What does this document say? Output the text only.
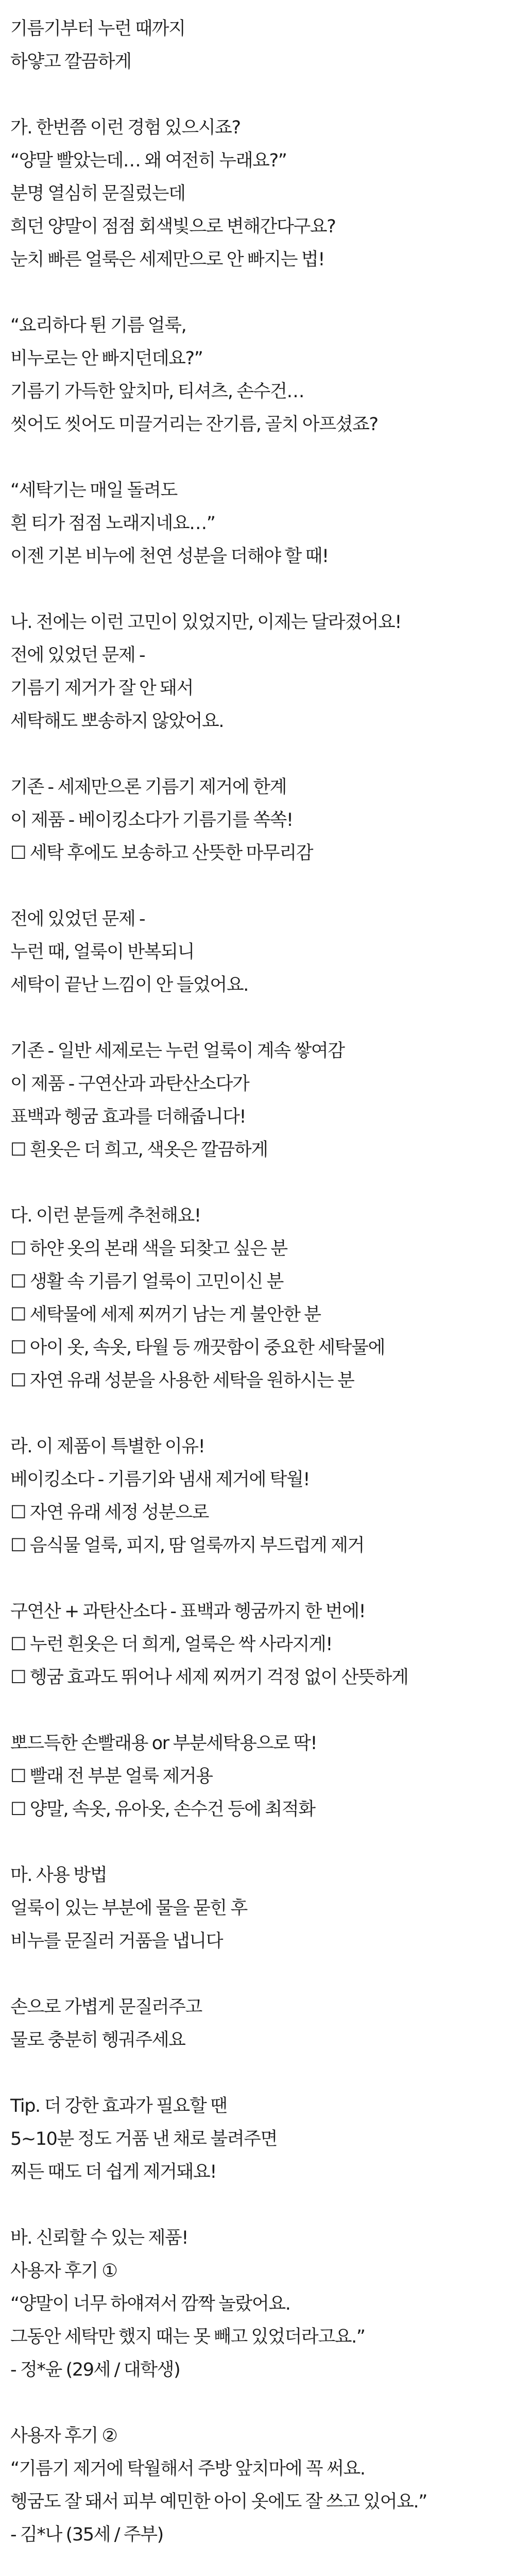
기름기부터 누런 때까지
하얗고 깔끔하게
가. 한번쯤 이런 경험 있으시죠?
“양말 빨았는데… 왜 여전히 누래요?”
분명 열심히 문질렀는데
희던 양말이 점점 회색빛으로 변해간다구요?
눈치 빠른 얼룩은 세제만으로 안 빠지는 법!
“요리하다 튄 기름 얼룩,
비누로는 안 빠지던데요?”
기름기 가득한 앞치마, 티셔츠, 손수건…
씻어도 씻어도 미끌거리는 잔기름, 골치 아프셨죠?
“세탁기는 매일 돌려도
흰 티가 점점 노래지네요…”
이젠 기본 비누에 천연 성분을 더해야 할 때!
나. 전에는 이런 고민이 있었지만, 이제는 달라졌어요!
전에 있었던 문제 -
기름기 제거가 잘 안 돼서
세탁해도 뽀송하지 않았어요.
기존 - 세제만으론 기름기 제거에 한계
이 제품 - 베이킹소다가 기름기를 쏙쏙!
☐ 세탁 후에도 보송하고 산뜻한 마무리감
전에 있었던 문제 -
누런 때, 얼룩이 반복되니
세탁이 끝난 느낌이 안 들었어요.
기존 - 일반 세제로는 누런 얼룩이 계속 쌓여감
이 제품 - 구연산과 과탄산소다가
표백과 헹굼 효과를 더해줍니다!
☐ 흰옷은 더 희고, 색옷은 깔끔하게
다. 이런 분들께 추천해요!
☐ 하얀 옷의 본래 색을 되찾고 싶은 분
☐ 생활 속 기름기 얼룩이 고민이신 분
☐ 세탁물에 세제 찌꺼기 남는 게 불안한 분
☐ 아이 옷, 속옷, 타월 등 깨끗함이 중요한 세탁물에
☐ 자연 유래 성분을 사용한 세탁을 원하시는 분
라. 이 제품이 특별한 이유!
베이킹소다 - 기름기와 냄새 제거에 탁월!
☐ 자연 유래 세정 성분으로
☐ 음식물 얼룩, 피지, 땀 얼룩까지 부드럽게 제거
구연산 + 과탄산소다 - 표백과 헹굼까지 한 번에!
☐ 누런 흰옷은 더 희게, 얼룩은 싹 사라지게!
☐ 헹굼 효과도 뛰어나 세제 찌꺼기 걱정 없이 산뜻하게
뽀드득한 손빨래용 or 부분세탁용으로 딱!
☐ 빨래 전 부분 얼룩 제거용
☐ 양말, 속옷, 유아옷, 손수건 등에 최적화
마. 사용 방법
얼룩이 있는 부분에 물을 묻힌 후
비누를 문질러 거품을 냅니다
손으로 가볍게 문질러주고
물로 충분히 헹궈주세요
Tip. 더 강한 효과가 필요할 땐
5~10분 정도 거품 낸 채로 불려주면
찌든 때도 더 쉽게 제거돼요!
바. 신뢰할 수 있는 제품!
사용자 후기 ①
“양말이 너무 하얘져서 깜짝 놀랐어요.
그동안 세탁만 했지 때는 못 빼고 있었더라고요.”
- 정*윤 (29세 / 대학생)
사용자 후기 ②
“기름기 제거에 탁월해서 주방 앞치마에 꼭 써요.
헹굼도 잘 돼서 피부 예민한 아이 옷에도 잘 쓰고 있어요.”
- 김*나 (35세 / 주부)
